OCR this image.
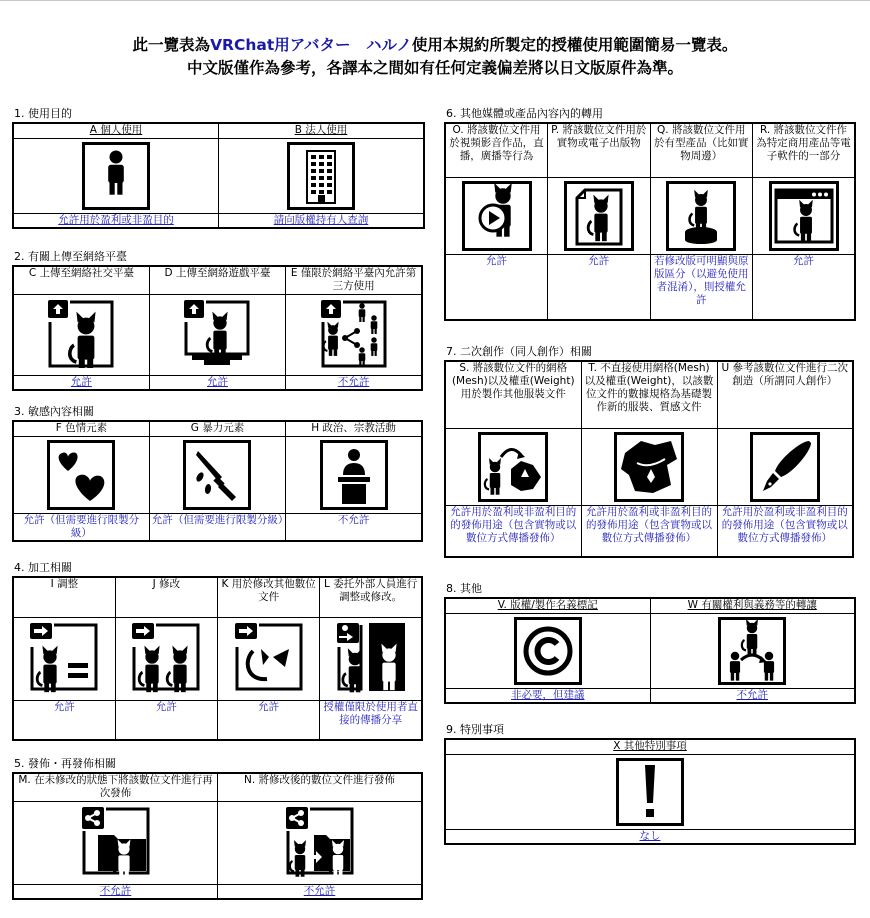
此一覽表為VRChat用アバター　ハルノ使用本規約所製定的授權使用範圍簡易一覽表。
中文版僅作為參考，各譯本之間如有任何定義偏差將以日文版原件為準。
1. 使用目的
A 個人使用	B 法人使用

允許用於盈利或非盈目的	請向版權持有人查詢
2. 有關上傳至網絡平臺
C 上傳至網絡社交平臺	D 上傳至網絡遊戲平臺	E 僅限於網絡平臺內允許第三方使用

允許	允許	不允許
3. 敏感內容相關
F 色情元素	G 暴力元素	H 政治、宗教活動

允許（但需要進行限製分級）	允許（但需要進行限製分級）	不允許
4. 加工相關
I 調整	J 修改	K 用於修改其他數位文件	L 委托外部人員進行調整或修改。

允許	允許	允許	授權僅限於使用者直接的傳播分享
5. 發佈・再發佈相關
M. 在未修改的狀態下將該數位文件進行再次發佈	N. 將修改後的數位文件進行發佈

不允許	不允許
6. 其他媒體或產品內容內的轉用
O. 將該數位文件用於視頻影音作品，直播，廣播等行為	P. 將該數位文件用於實物或電子出版物	Q. 將該數位文件用於有型產品（比如實物周邊）	R. 將該數位文件作為特定商用產品等電子軟件的一部分

允許	允許	若修改版可明顯與原版區分（以避免使用者混淆），則授權允許	允許
7. 二次創作（同人創作）相關
S. 將該數位文件的網格(Mesh)以及權重(Weight)用於製作其他服裝文件	T. 不直接使用網格(Mesh)以及權重(Weight)，以該數位文件的數據規格為基礎製作新的服裝、質感文件	U 參考該數位文件進行二次創造（所謂同人創作）

允許用於盈利或非盈利目的的發佈用途（包含實物或以數位方式傳播發佈）	允許用於盈利或非盈利目的的發佈用途（包含實物或以數位方式傳播發佈）	允許用於盈利或非盈利目的的發佈用途（包含實物或以數位方式傳播發佈）
8. 其他
V. 版權/製作名義標記	W 有關權利與義務等的轉讓

非必要，但建議	不允許
9. 特別事項
X 其他特別事項

なし
